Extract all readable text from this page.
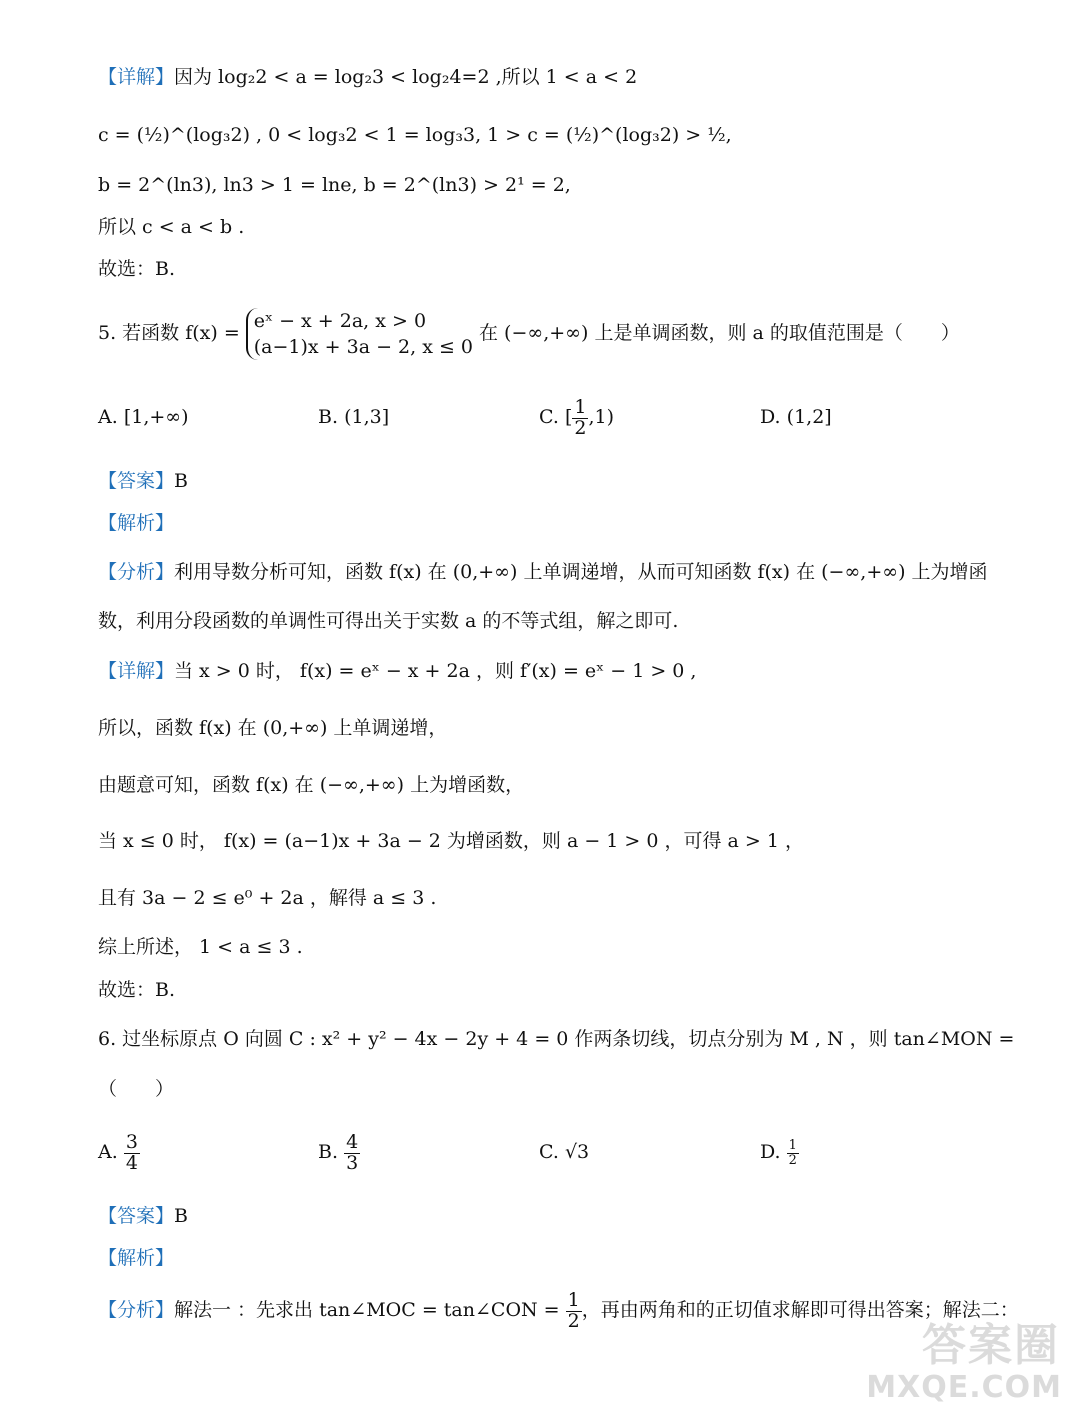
【详解】因为 log₂2 < a = log₂3 < log₂4=2 ,所以 1 < a < 2
c = (½)^(log₃2) , 0 < log₃2 < 1 = log₃3, 1 > c = (½)^(log₃2) > ½,
b = 2^(ln3), ln3 > 1 = lne, b = 2^(ln3) > 2¹ = 2,
所以 c < a < b .
故选：B.
5. 若函数 f(x) =
eˣ − x + 2a, x > 0
(a−1)x + 3a − 2, x ≤ 0
在 (−∞,+∞) 上是单调函数，则 a 的取值范围是（　　）
A. [1,+∞)	B. (1,3]	C. [ $\frac{1}{2} ,1$)	D. (1,2]
【答案】B
【解析】
【分析】利用导数分析可知，函数 f(x) 在 (0,+∞) 上单调递增，从而可知函数 f(x) 在 (−∞,+∞) 上为增函
数，利用分段函数的单调性可得出关于实数 a 的不等式组，解之即可.
【详解】当 x > 0 时， f(x) = eˣ − x + 2a ，则 f′(x) = eˣ − 1 > 0 ,
所以，函数 f(x) 在 (0,+∞) 上单调递增，
由题意可知，函数 f(x) 在 (−∞,+∞) 上为增函数，
当 x ≤ 0 时， f(x) = (a−1)x + 3a − 2 为增函数，则 a − 1 > 0 ，可得 a > 1 ，
且有 3a − 2 ≤ e⁰ + 2a ，解得 a ≤ 3 .
综上所述， 1 < a ≤ 3 .
故选：B.
6. 过坐标原点 O 向圆 C : x² + y² − 4x − 2y + 4 = 0 作两条切线，切点分别为 M , N ，则 tan∠MON =
（　　）
A. $\frac{3}{4}$	B. $\frac{4}{3}$	C. √3	D. $\frac{1}{2}$
【答案】B
【解析】
【分析】解法一 ：先求出 tan∠MOC = tan∠CON = $\frac{1}{2}$ ，再由两角和的正切值求解即可得出答案；解法二：
答案圈
MXQE.COM
